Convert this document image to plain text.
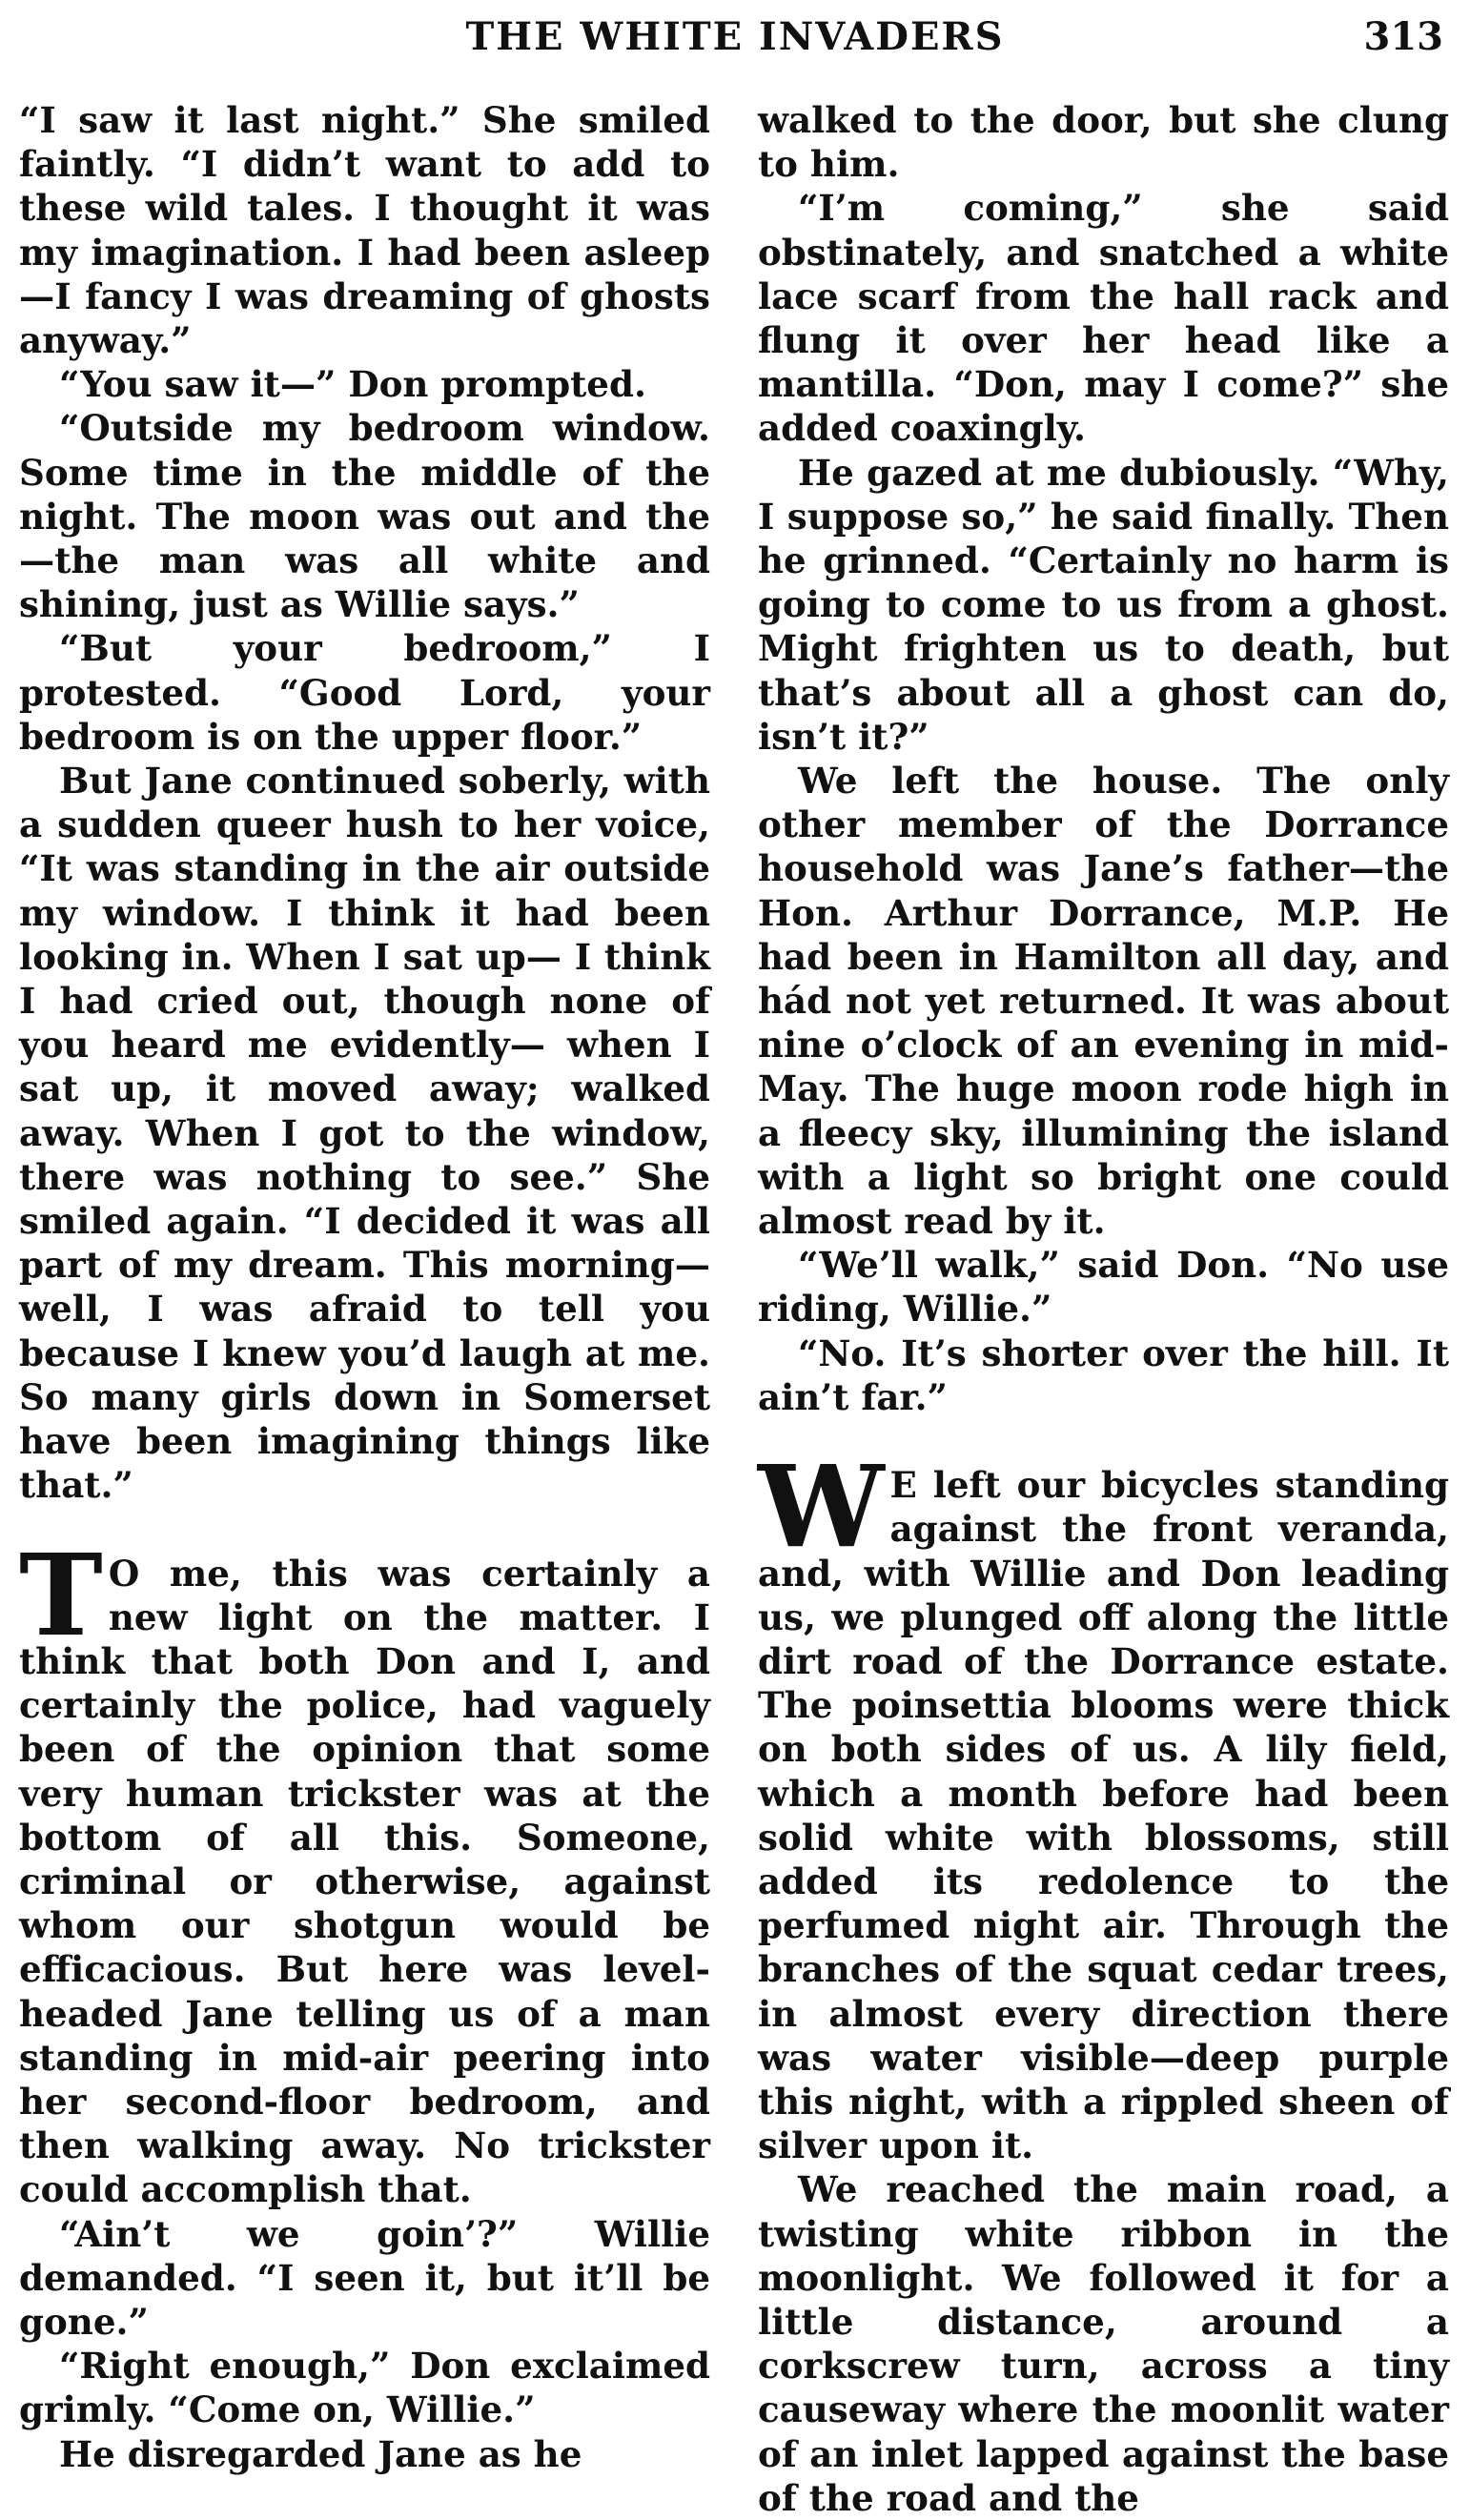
THE WHITE INVADERS	313

“I saw it last night.” She smiled faintly. “I didn’t want to add to these wild tales. I thought it was my imagination. I had been asleep —I fancy I was dreaming of ghosts anyway.”

“You saw it—” Don prompted.

“Outside my bedroom window. Some time in the middle of the night. The moon was out and the —the man was all white and shining, just as Willie says.”

“But your bedroom,” I protested. “Good Lord, your bedroom is on the upper floor.”

But Jane continued soberly, with a sudden queer hush to her voice, “It was standing in the air outside my window. I think it had been looking in. When I sat up— I think I had cried out, though none of you heard me evidently— when I sat up, it moved away; walked away. When I got to the window, there was nothing to see.” She smiled again. “I decided it was all part of my dream. This morning—well, I was afraid to tell you because I knew you’d laugh at me. So many girls down in Somerset have been imagining things like that.”

T O me, this was certainly a new light on the matter. I think that both Don and I, and certainly the police, had vaguely been of the opinion that some very human trickster was at the bottom of all this. Someone, criminal or otherwise, against whom our shotgun would be efficacious. But here was level-headed Jane telling us of a man standing in mid-air peering into her second-floor bedroom, and then walking away. No trickster could accomplish that.

“Ain’t we goin’?” Willie demanded. “I seen it, but it’ll be gone.”

“Right enough,” Don exclaimed grimly. “Come on, Willie.”

He disregarded Jane as he

walked to the door, but she clung to him.

“I’m coming,” she said obstinately, and snatched a white lace scarf from the hall rack and flung it over her head like a mantilla. “Don, may I come?” she added coaxingly.

He gazed at me dubiously. “Why, I suppose so,” he said finally. Then he grinned. “Certainly no harm is going to come to us from a ghost. Might frighten us to death, but that’s about all a ghost can do, isn’t it?”

We left the house. The only other member of the Dorrance household was Jane’s father—the Hon. Arthur Dorrance, M.P. He had been in Hamilton all day, and hád not yet returned. It was about nine o’clock of an evening in mid-May. The huge moon rode high in a fleecy sky, illumining the island with a light so bright one could almost read by it.

“We’ll walk,” said Don. “No use riding, Willie.”

“No. It’s shorter over the hill. It ain’t far.”

W E left our bicycles standing against the front veranda, and, with Willie and Don leading us, we plunged off along the little dirt road of the Dorrance estate. The poinsettia blooms were thick on both sides of us. A lily field, which a month before had been solid white with blossoms, still added its redolence to the perfumed night air. Through the branches of the squat cedar trees, in almost every direction there was water visible—deep purple this night, with a rippled sheen of silver upon it.

We reached the main road, a twisting white ribbon in the moonlight. We followed it for a little distance, around a corkscrew turn, across a tiny causeway where the moonlit water of an inlet lapped against the base of the road and the
